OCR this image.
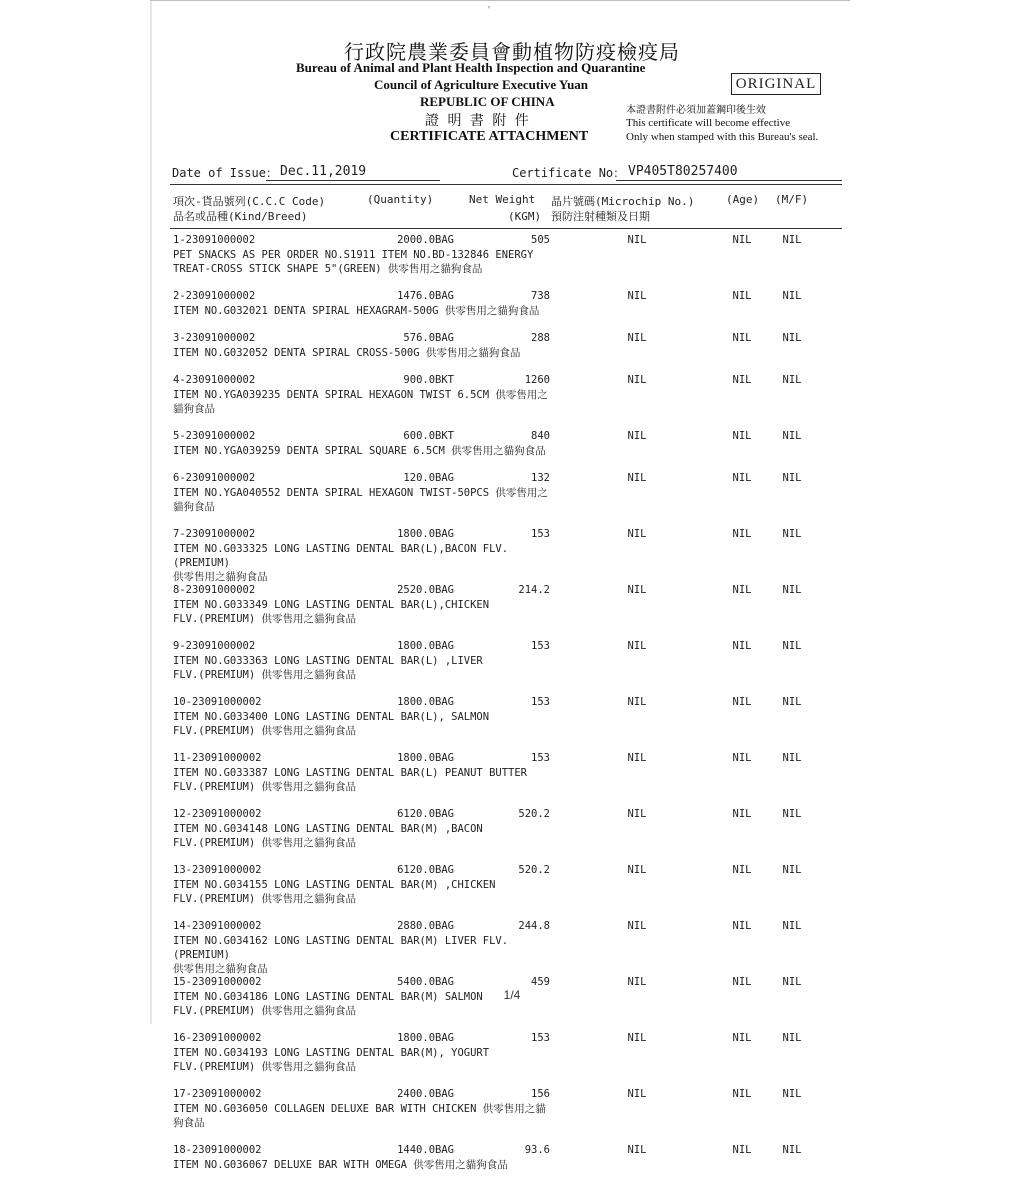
'
行政院農業委員會動植物防疫檢疫局
Bureau of Animal and Plant Health Inspection and Quarantine
Council of Agriculture Executive Yuan
REPUBLIC OF CHINA
證 明 書 附 件
CERTIFICATE ATTACHMENT
ORIGINAL
本證書附件必須加蓋鋼印後生效
This certificate will become effective
Only when stamped with this Bureau's seal.
Date of Issue： Dec.11,2019	Certificate No： VP405T80257400
項次-貨品號列(C.C.C Code)
品名或品種(Kind/Breed)
(Quantity)	Net Weight
(KGM)
晶片號碼(Microchip No.)
預防注射種類及日期
(Age) (M/F)
1-23091000002	2000.0BAG	505	NIL	NIL	NIL
PET SNACKS AS PER ORDER NO.S1911 ITEM NO.BD-132846 ENERGY
TREAT-CROSS STICK SHAPE 5"(GREEN) 供零售用之貓狗食品
2-23091000002	1476.0BAG	738	NIL	NIL	NIL
ITEM NO.G032021 DENTA SPIRAL HEXAGRAM-500G 供零售用之貓狗食品
3-23091000002	576.0BAG	288	NIL	NIL	NIL
ITEM NO.G032052 DENTA SPIRAL CROSS-500G 供零售用之貓狗食品
4-23091000002	900.0BKT	1260	NIL	NIL	NIL
ITEM NO.YGA039235 DENTA SPIRAL HEXAGON TWIST 6.5CM 供零售用之
貓狗食品
5-23091000002	600.0BKT	840	NIL	NIL	NIL
ITEM NO.YGA039259 DENTA SPIRAL SQUARE 6.5CM 供零售用之貓狗食品
6-23091000002	120.0BAG	132	NIL	NIL	NIL
ITEM NO.YGA040552 DENTA SPIRAL HEXAGON TWIST-50PCS 供零售用之
貓狗食品
7-23091000002	1800.0BAG	153	NIL	NIL	NIL
ITEM NO.G033325 LONG LASTING DENTAL BAR(L),BACON FLV.(PREMIUM)
供零售用之貓狗食品
8-23091000002	2520.0BAG	214.2	NIL	NIL	NIL
ITEM NO.G033349 LONG LASTING DENTAL BAR(L),CHICKEN
FLV.(PREMIUM) 供零售用之貓狗食品
9-23091000002	1800.0BAG	153	NIL	NIL	NIL
ITEM NO.G033363 LONG LASTING DENTAL BAR(L) ,LIVER
FLV.(PREMIUM) 供零售用之貓狗食品
10-23091000002	1800.0BAG	153	NIL	NIL	NIL
ITEM NO.G033400 LONG LASTING DENTAL BAR(L), SALMON
FLV.(PREMIUM) 供零售用之貓狗食品
11-23091000002	1800.0BAG	153	NIL	NIL	NIL
ITEM NO.G033387 LONG LASTING DENTAL BAR(L) PEANUT BUTTER
FLV.(PREMIUM) 供零售用之貓狗食品
12-23091000002	6120.0BAG	520.2	NIL	NIL	NIL
ITEM NO.G034148 LONG LASTING DENTAL BAR(M) ,BACON
FLV.(PREMIUM) 供零售用之貓狗食品
13-23091000002	6120.0BAG	520.2	NIL	NIL	NIL
ITEM NO.G034155 LONG LASTING DENTAL BAR(M) ,CHICKEN
FLV.(PREMIUM) 供零售用之貓狗食品
14-23091000002	2880.0BAG	244.8	NIL	NIL	NIL
ITEM NO.G034162 LONG LASTING DENTAL BAR(M) LIVER FLV.(PREMIUM)
供零售用之貓狗食品
15-23091000002	5400.0BAG	459	NIL	NIL	NIL
ITEM NO.G034186 LONG LASTING DENTAL BAR(M) SALMON
FLV.(PREMIUM) 供零售用之貓狗食品
16-23091000002	1800.0BAG	153	NIL	NIL	NIL
ITEM NO.G034193 LONG LASTING DENTAL BAR(M), YOGURT
FLV.(PREMIUM) 供零售用之貓狗食品
17-23091000002	2400.0BAG	156	NIL	NIL	NIL
ITEM NO.G036050 COLLAGEN DELUXE BAR WITH CHICKEN 供零售用之貓
狗食品
18-23091000002	1440.0BAG	93.6	NIL	NIL	NIL
ITEM NO.G036067 DELUXE BAR WITH OMEGA 供零售用之貓狗食品
1/4
